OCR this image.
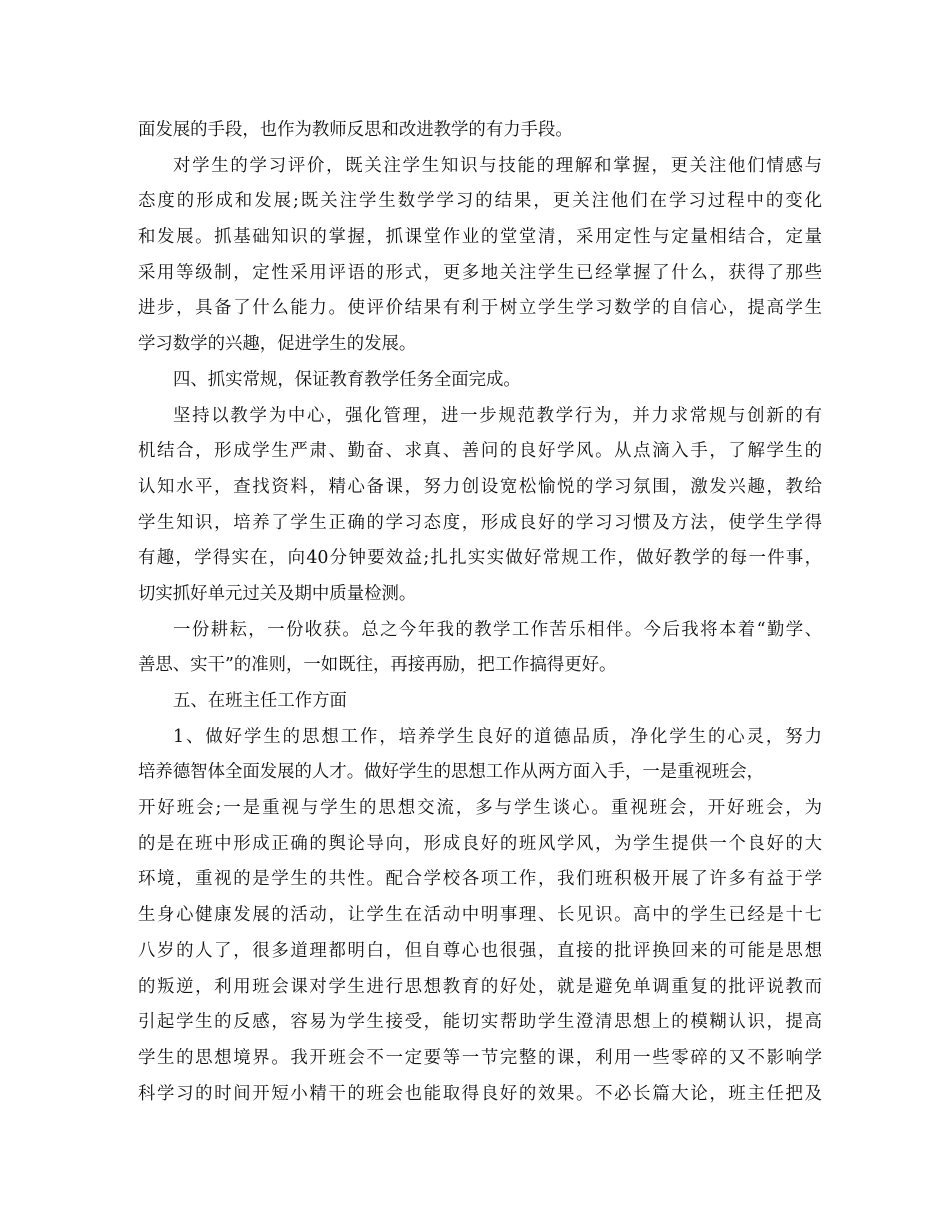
面发展的手段，也作为教师反思和改进教学的有力手段。
对学生的学习评价，既关注学生知识与技能的理解和掌握，更关注他们情感与
态度的形成和发展;既关注学生数学学习的结果，更关注他们在学习过程中的变化
和发展。抓基础知识的掌握，抓课堂作业的堂堂清，采用定性与定量相结合，定量
采用等级制，定性采用评语的形式，更多地关注学生已经掌握了什么，获得了那些
进步，具备了什么能力。使评价结果有利于树立学生学习数学的自信心，提高学生
学习数学的兴趣，促进学生的发展。
四、抓实常规，保证教育教学任务全面完成。
坚持以教学为中心，强化管理，进一步规范教学行为，并力求常规与创新的有
机结合，形成学生严肃、勤奋、求真、善问的良好学风。从点滴入手，了解学生的
认知水平，查找资料，精心备课，努力创设宽松愉悦的学习氛围，激发兴趣，教给
学生知识，培养了学生正确的学习态度，形成良好的学习习惯及方法，使学生学得
有趣，学得实在，向40分钟要效益;扎扎实实做好常规工作，做好教学的每一件事，
切实抓好单元过关及期中质量检测。
一份耕耘，一份收获。总之今年我的教学工作苦乐相伴。今后我将本着“勤学、
善思、实干”的准则，一如既往，再接再励，把工作搞得更好。
五、在班主任工作方面
1、做好学生的思想工作，培养学生良好的道德品质，净化学生的心灵，努力
培养德智体全面发展的人才。做好学生的思想工作从两方面入手，一是重视班会，
开好班会;一是重视与学生的思想交流，多与学生谈心。重视班会，开好班会，为
的是在班中形成正确的舆论导向，形成良好的班风学风，为学生提供一个良好的大
环境，重视的是学生的共性。配合学校各项工作，我们班积极开展了许多有益于学
生身心健康发展的活动，让学生在活动中明事理、长见识。高中的学生已经是十七
八岁的人了，很多道理都明白，但自尊心也很强，直接的批评换回来的可能是思想
的叛逆，利用班会课对学生进行思想教育的好处，就是避免单调重复的批评说教而
引起学生的反感，容易为学生接受，能切实帮助学生澄清思想上的模糊认识，提高
学生的思想境界。我开班会不一定要等一节完整的课，利用一些零碎的又不影响学
科学习的时间开短小精干的班会也能取得良好的效果。不必长篇大论，班主任把及
